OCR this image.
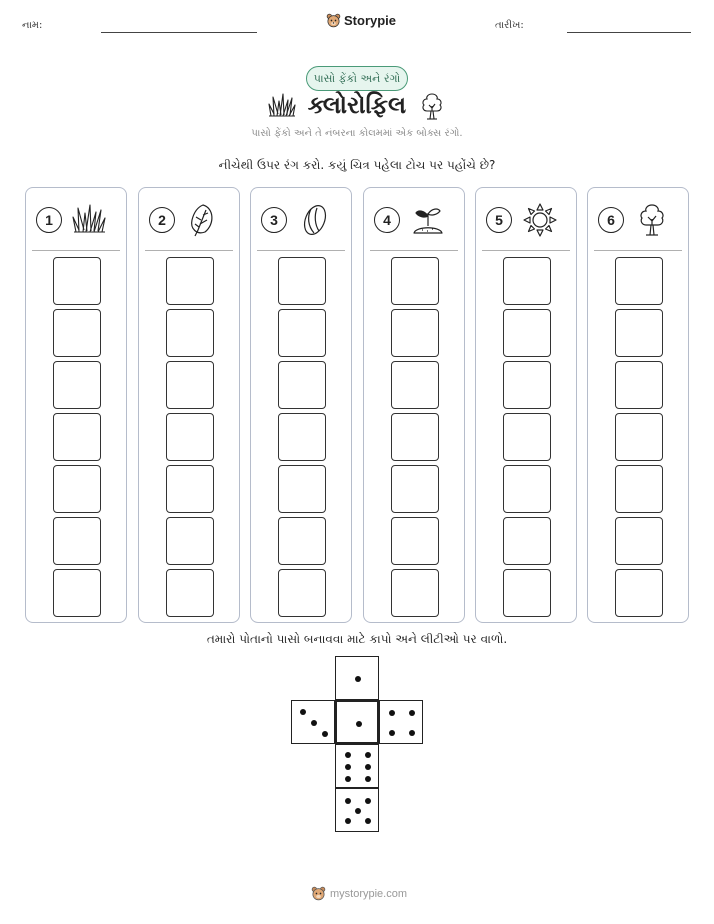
નામ:	Storypie	તારીખ:
પાસો ફેંકો અને રંગો
ક્લોરોફિલ
પાસો ફેંકો અને તે નંબરના કોલમમાં એક બોક્સ રંગો.
નીચેથી ઉપર રંગ કરો. કયું ચિત્ર પહેલા ટોચ પર પહોંચે છે?
1	2	3	4	5	6
તમારો પોતાનો પાસો બનાવવા માટે કાપો અને લીટીઓ પર વાળો.
mystorypie.com
